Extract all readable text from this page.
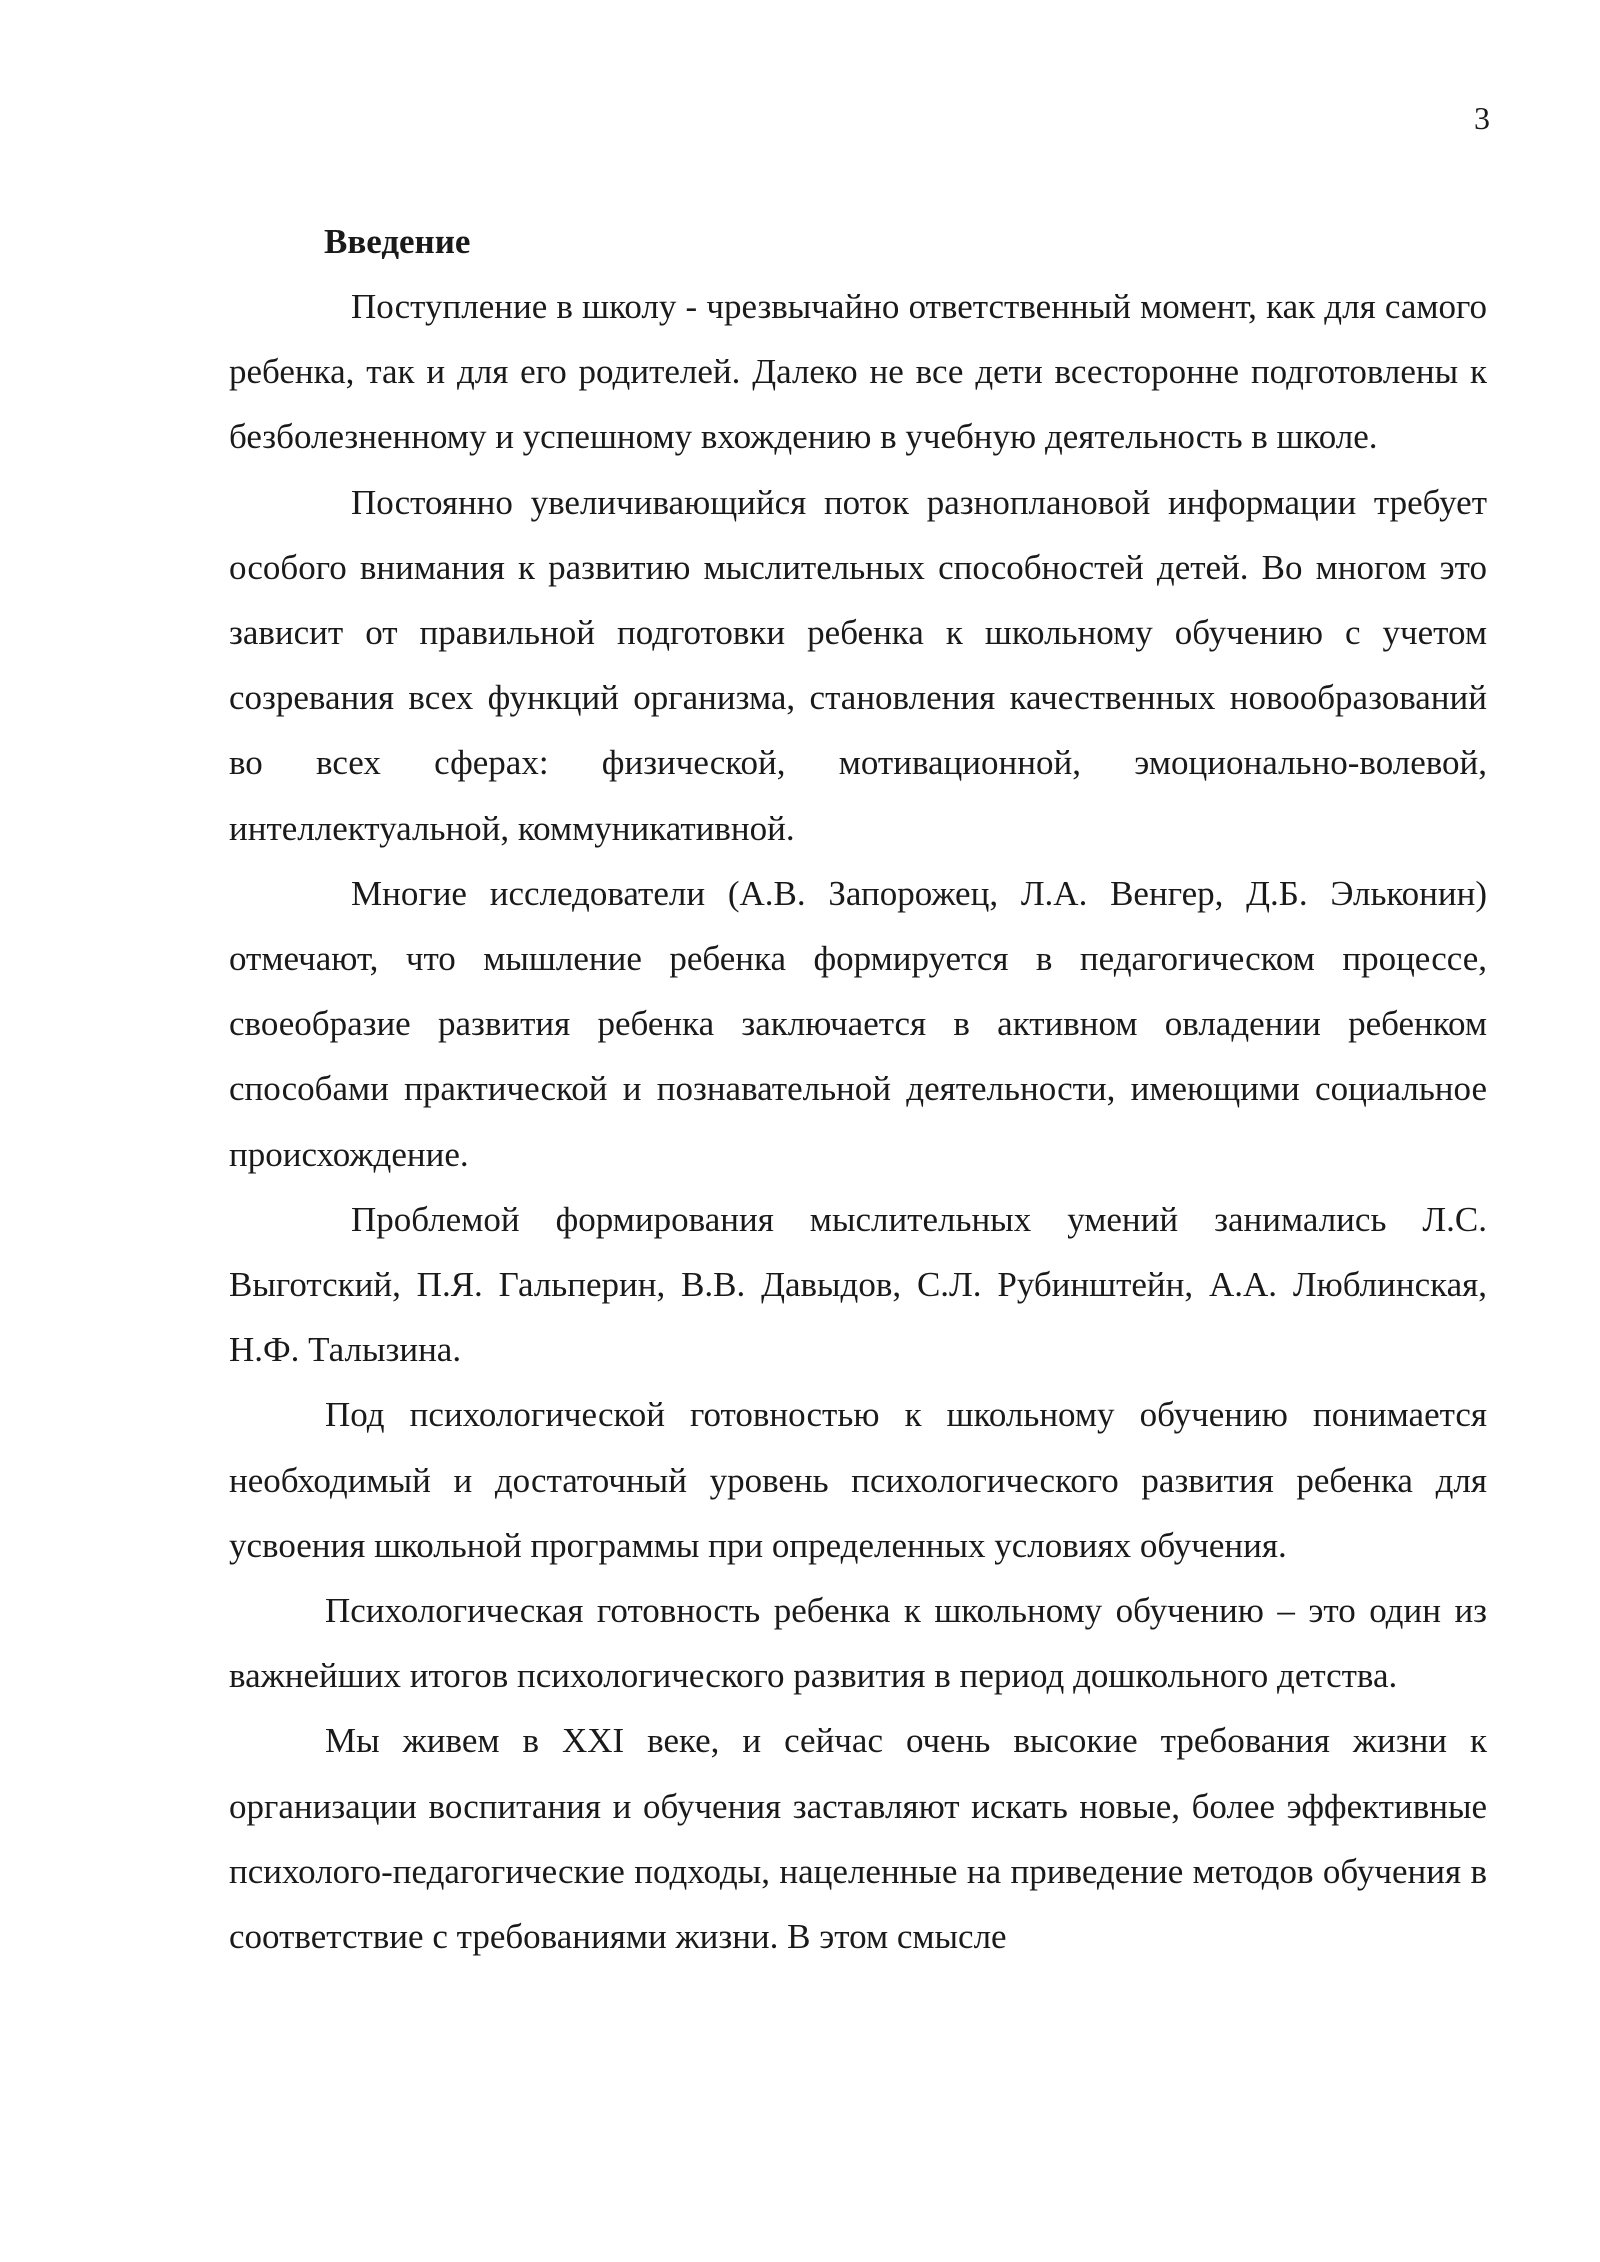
3
Введение

Поступление в школу - чрезвычайно ответственный момент, как для самого ребенка, так и для его родителей. Далеко не все дети всесторонне подготовлены к безболезненному и успешному вхождению в учебную деятельность в школе.

Постоянно увеличивающийся поток разноплановой информации требует особого внимания к развитию мыслительных способностей детей. Во многом это зависит от правильной подготовки ребенка к школьному обучению с учетом созревания всех функций организма, становления качественных новообразований во всех сферах: физической, мотивационной, эмоционально-волевой, интеллектуальной, коммуникативной.

Многие исследователи (А.В. Запорожец, Л.А. Венгер, Д.Б. Эльконин) отмечают, что мышление ребенка формируется в педагогическом процессе, своеобразие развития ребенка заключается в активном овладении ребенком способами практической и познавательной деятельности, имеющими социальное происхождение.

Проблемой формирования мыслительных умений занимались Л.С. Выготский, П.Я. Гальперин, В.В. Давыдов, С.Л. Рубинштейн, А.А. Люблинская, Н.Ф. Талызина.

Под психологической готовностью к школьному обучению понимается необходимый и достаточный уровень психологического развития ребенка для усвоения школьной программы при определенных условиях обучения.

Психологическая готовность ребенка к школьному обучению – это один из важнейших итогов психологического развития в период дошкольного детства.

Мы живем в XXI веке, и сейчас очень высокие требования жизни к организации воспитания и обучения заставляют искать новые, более эффективные психолого-педагогические подходы, нацеленные на приведение методов обучения в соответствие с требованиями жизни. В этом смысле
